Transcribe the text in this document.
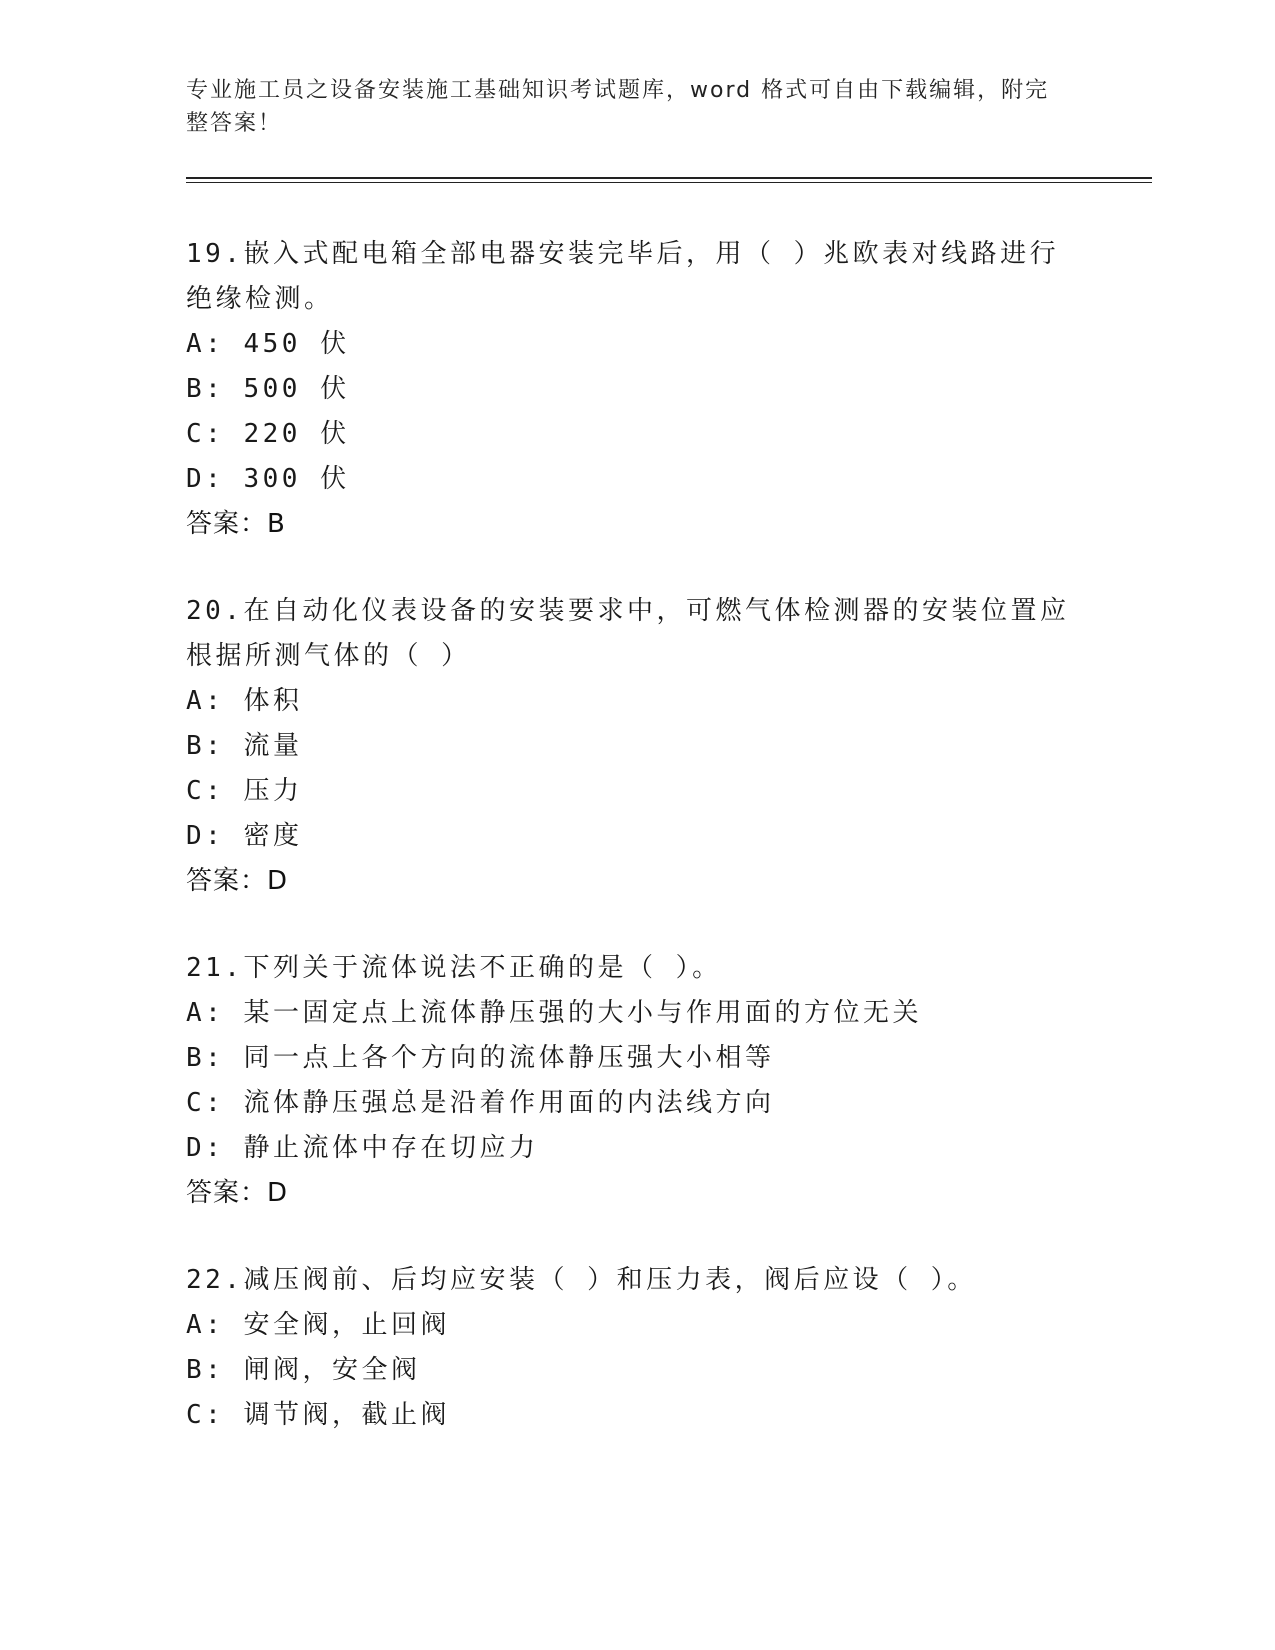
专业施工员之设备安装施工基础知识考试题库，word 格式可自由下载编辑，附完
整答案！
19.嵌入式配电箱全部电器安装完毕后，用（ ）兆欧表对线路进行绝缘检测。
A: 450 伏
B: 500 伏
C: 220 伏
D: 300 伏
答案：B
20.在自动化仪表设备的安装要求中，可燃气体检测器的安装位置应根据所测气体的（ ）
A: 体积
B: 流量
C: 压力
D: 密度
答案：D
21.下列关于流体说法不正确的是（ ）。
A: 某一固定点上流体静压强的大小与作用面的方位无关
B: 同一点上各个方向的流体静压强大小相等
C: 流体静压强总是沿着作用面的内法线方向
D: 静止流体中存在切应力
答案：D
22.减压阀前、后均应安装（ ）和压力表，阀后应设（ ）。
A: 安全阀，止回阀
B: 闸阀，安全阀
C: 调节阀，截止阀
